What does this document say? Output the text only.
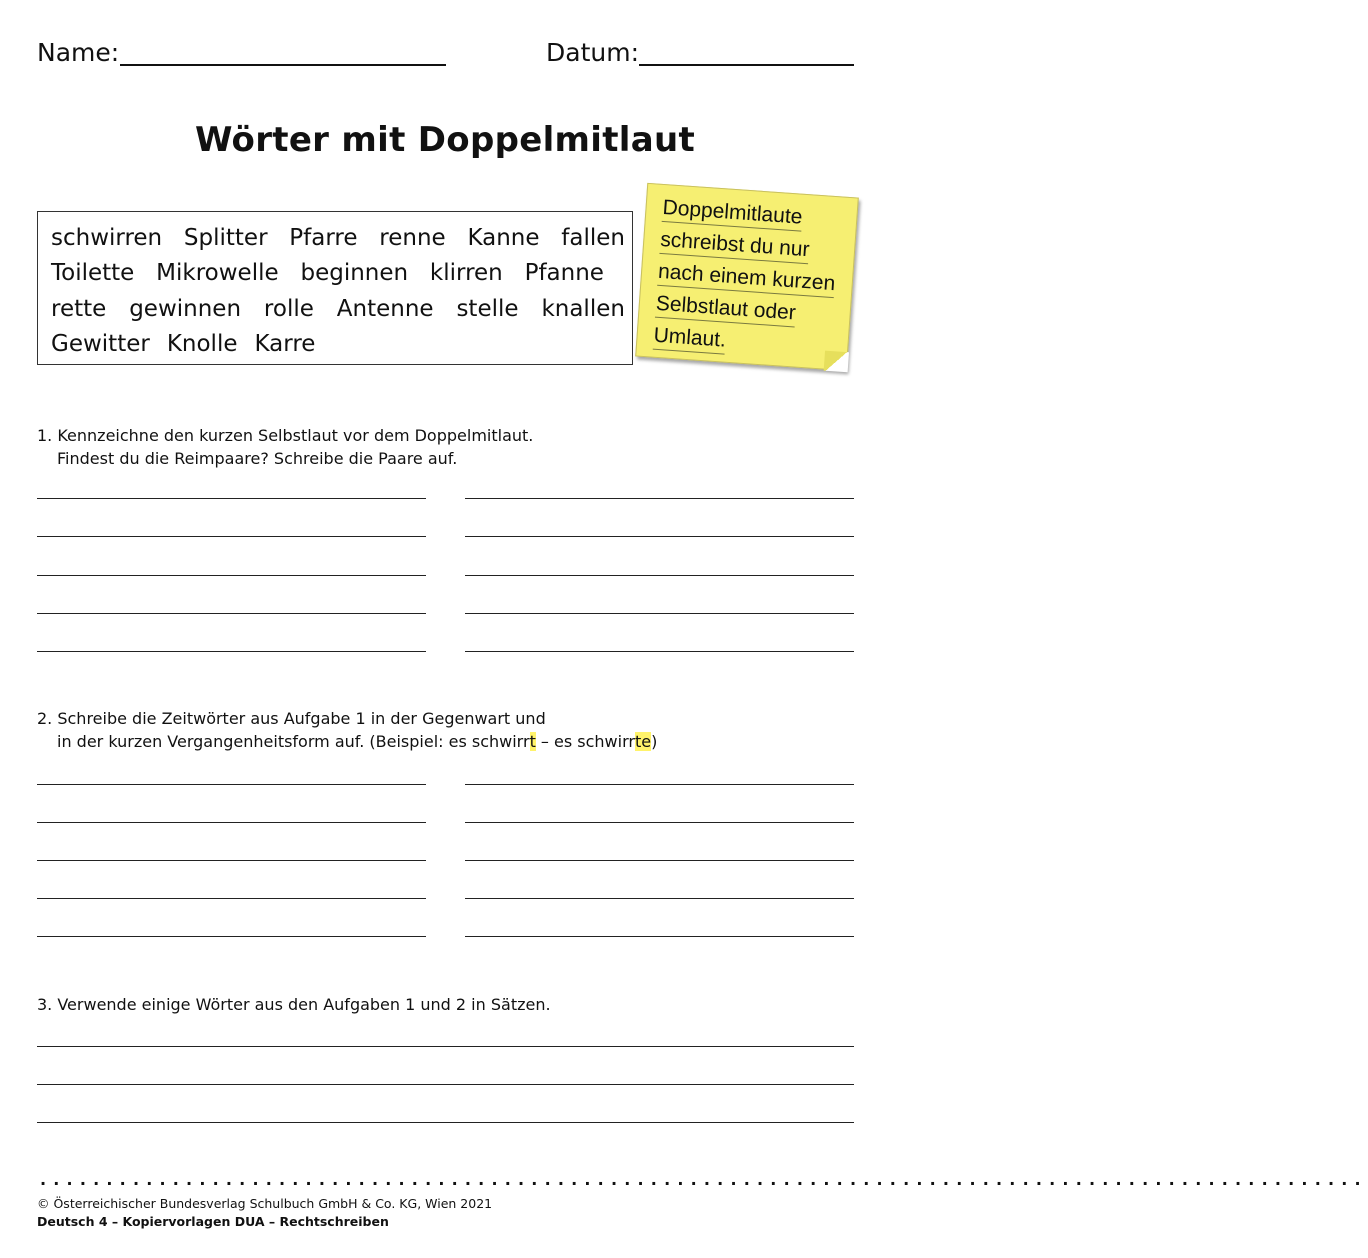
Name:	Datum:
Wörter mit Doppelmitlaut
schwirren Splitter Pfarre renne Kanne fallen
Toilette Mikrowelle beginnen klirren Pfanne
rette gewinnen rolle Antenne stelle knallen
Gewitter Knolle Karre
Doppelmitlaute
schreibst du nur
nach einem kurzen
Selbstlaut oder
Umlaut.
1. Kennzeichne den kurzen Selbstlaut vor dem Doppelmitlaut.
Findest du die Reimpaare? Schreibe die Paare auf.
2. Schreibe die Zeitwörter aus Aufgabe 1 in der Gegenwart und
in der kurzen Vergangenheitsform auf. (Beispiel: es schwirrt – es schwirrte)
3. Verwende einige Wörter aus den Aufgaben 1 und 2 in Sätzen.
....................................................................................................
© Österreichischer Bundesverlag Schulbuch GmbH & Co. KG, Wien 2021
Deutsch 4 – Kopiervorlagen DUA – Rechtschreiben
